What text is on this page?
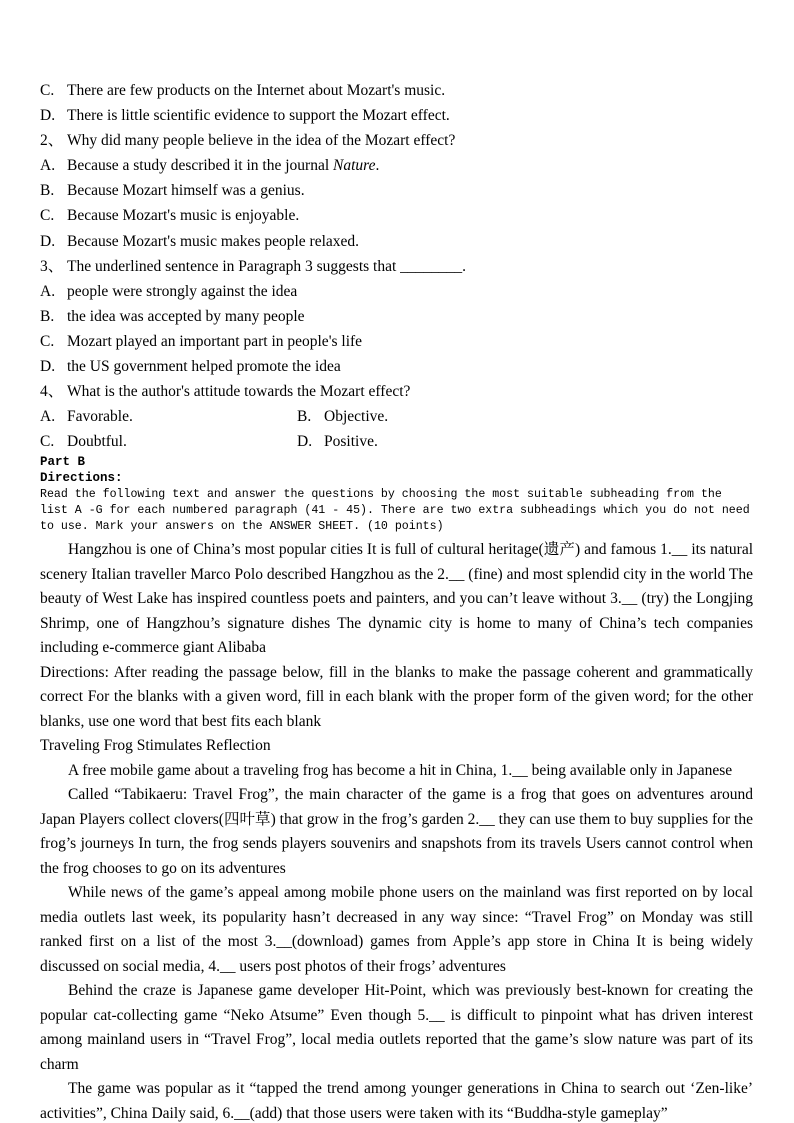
C. There are few products on the Internet about Mozart's music.
D. There is little scientific evidence to support the Mozart effect.
2、 Why did many people believe in the idea of the Mozart effect?
A. Because a study described it in the journal Nature.
B. Because Mozart himself was a genius.
C. Because Mozart's music is enjoyable.
D. Because Mozart's music makes people relaxed.
3、 The underlined sentence in Paragraph 3 suggests that ________.
A. people were strongly against the idea
B. the idea was accepted by many people
C. Mozart played an important part in people's life
D. the US government helped promote the idea
4、 What is the author's attitude towards the Mozart effect?
A. Favorable.	B. Objective.
C. Doubtful.	D. Positive.
Part B
Directions:
Read the following text and answer the questions by choosing the most suitable subheading from the
list A -G for each numbered paragraph (41 - 45). There are two extra subheadings which you do not need
to use. Mark your answers on the ANSWER SHEET. (10 points)
Hangzhou is one of China’s most popular cities It is full of cultural heritage(遗产) and famous 1.__ its natural scenery Italian traveller Marco Polo described Hangzhou as the 2.__ (fine) and most splendid city in the world The beauty of West Lake has inspired countless poets and painters, and you can’t leave without 3.__ (try) the Longjing Shrimp, one of Hangzhou’s signature dishes The dynamic city is home to many of China’s tech companies including e-commerce giant Alibaba
Directions: After reading the passage below, fill in the blanks to make the passage coherent and grammatically correct For the blanks with a given word, fill in each blank with the proper form of the given word; for the other blanks, use one word that best fits each blank
Traveling Frog Stimulates Reflection
A free mobile game about a traveling frog has become a hit in China, 1.__ being available only in Japanese
Called “Tabikaeru: Travel Frog”, the main character of the game is a frog that goes on adventures around Japan Players collect clovers(四叶草) that grow in the frog’s garden 2.__ they can use them to buy supplies for the frog’s journeys In turn, the frog sends players souvenirs and snapshots from its travels Users cannot control when the frog chooses to go on its adventures
While news of the game’s appeal among mobile phone users on the mainland was first reported on by local media outlets last week, its popularity hasn’t decreased in any way since: “Travel Frog” on Monday was still ranked first on a list of the most 3.__(download) games from Apple’s app store in China It is being widely discussed on social media, 4.__ users post photos of their frogs’ adventures
Behind the craze is Japanese game developer Hit-Point, which was previously best-known for creating the popular cat-collecting game “Neko Atsume” Even though 5.__ is difficult to pinpoint what has driven interest among mainland users in “Travel Frog”, local media outlets reported that the game’s slow nature was part of its charm
The game was popular as it “tapped the trend among younger generations in China to search out ‘Zen-like’ activities”, China Daily said, 6.__(add) that those users were taken with its “Buddha-style gameplay”
